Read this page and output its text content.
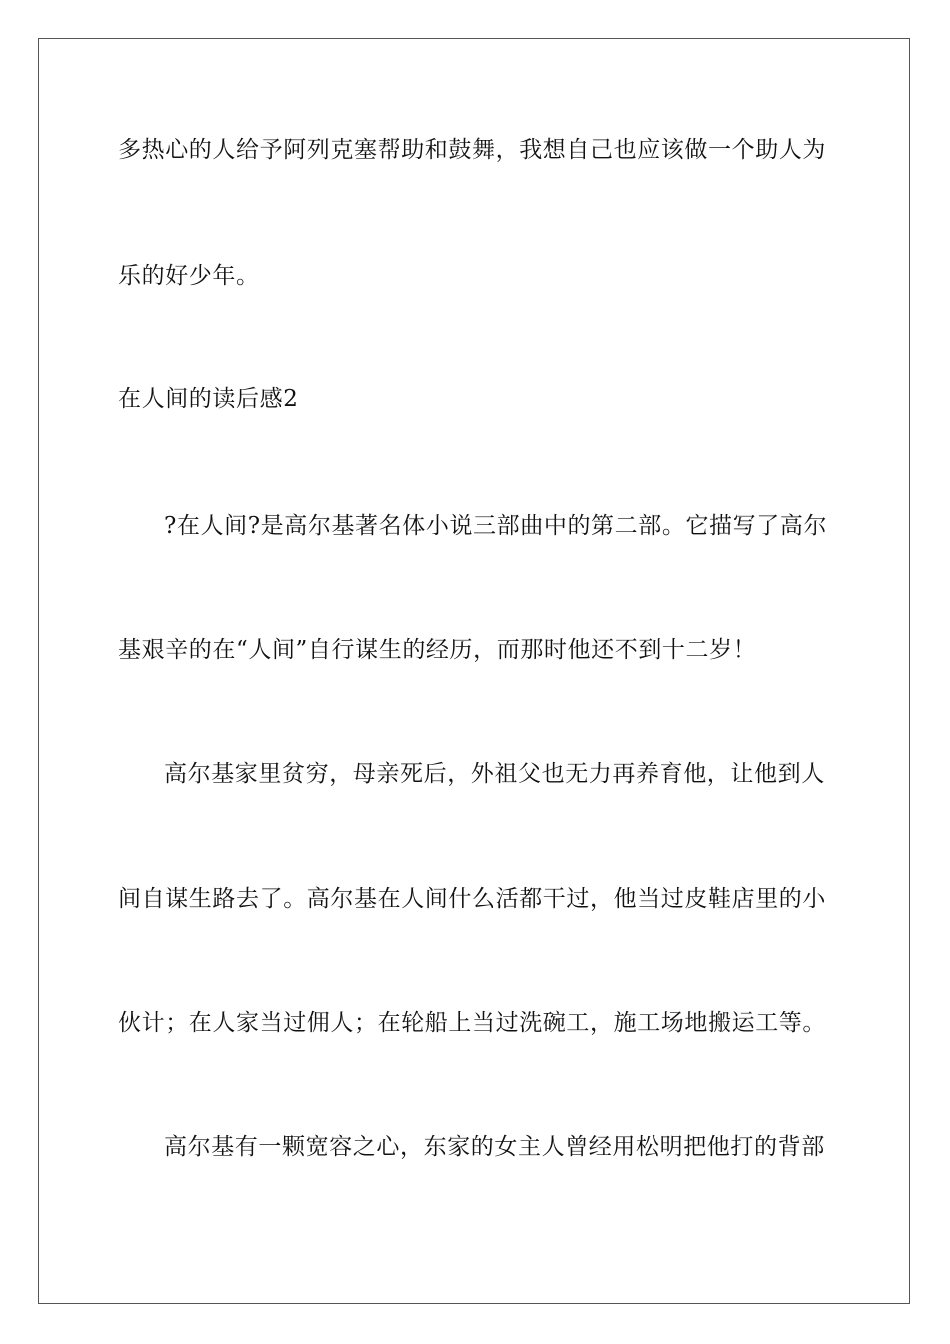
多热心的人给予阿列克塞帮助和鼓舞，我想自己也应该做一个助人为
乐的好少年。
在人间的读后感2
?在人间?是高尔基著名体小说三部曲中的第二部。它描写了高尔
基艰辛的在“人间”自行谋生的经历，而那时他还不到十二岁！
高尔基家里贫穷，母亲死后，外祖父也无力再养育他，让他到人
间自谋生路去了。高尔基在人间什么活都干过，他当过皮鞋店里的小
伙计；在人家当过佣人；在轮船上当过洗碗工，施工场地搬运工等。
高尔基有一颗宽容之心，东家的女主人曾经用松明把他打的背部
